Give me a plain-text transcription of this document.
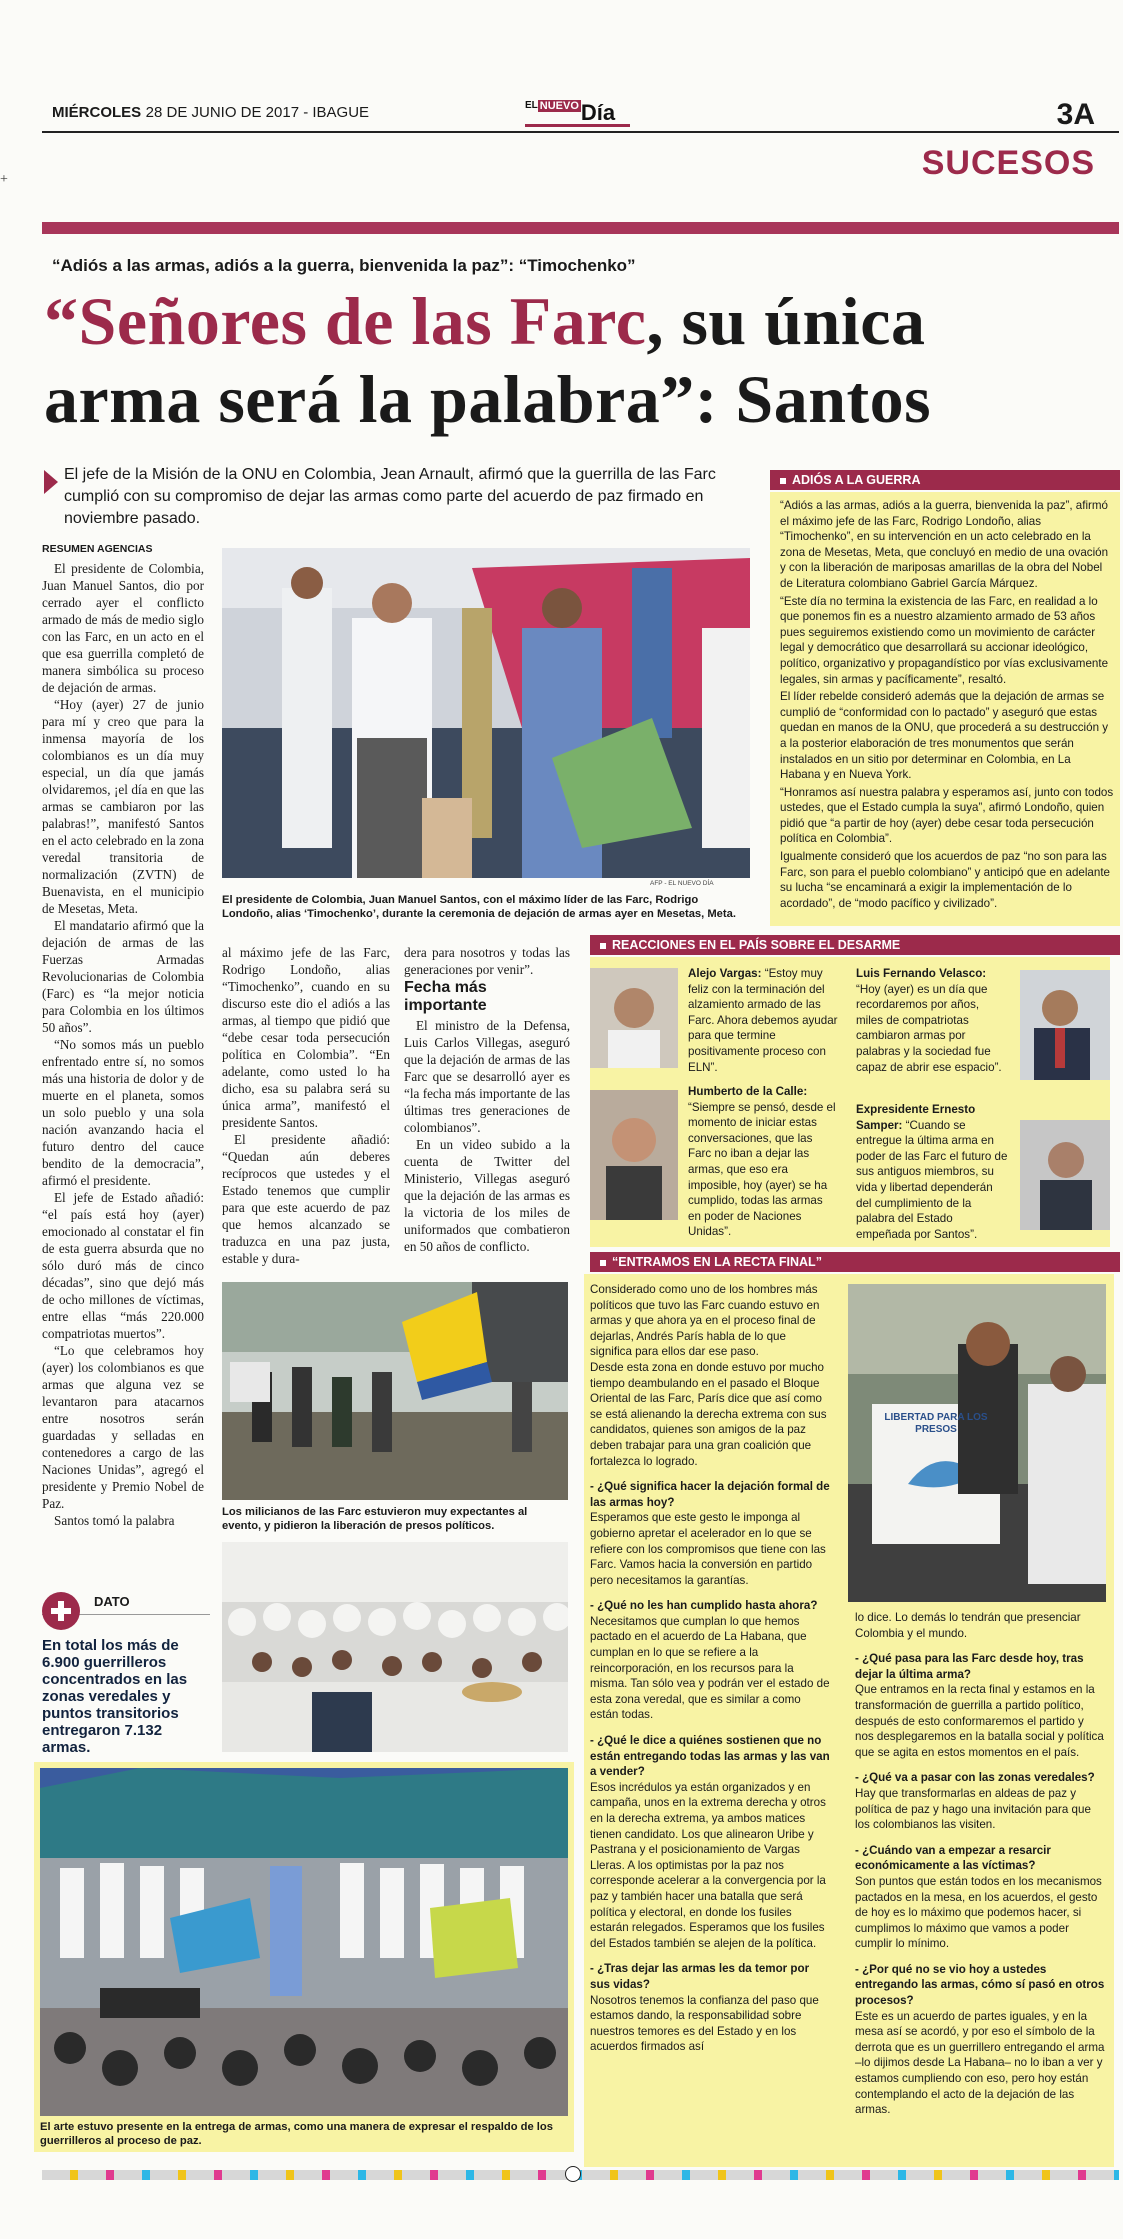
+
MIÉRCOLES 28 DE JUNIO DE 2017 - IBAGUE	$^{EL}$ $^{NUEVO}$Día	3A
SUCESOS
“Adiós a las armas, adiós a la guerra, bienvenida la paz”: “Timochenko”
“Señores de las Farc, su única
arma será la palabra”: Santos
El jefe de la Misión de la ONU en Colombia, Jean Arnault, afirmó que la guerrilla de las Farc cumplió con su compromiso de dejar las armas como parte del acuerdo de paz firmado en noviembre pasado.
RESUMEN AGENCIAS

El presidente de Colombia, Juan Manuel Santos, dio por cerrado ayer el conflicto armado de más de medio siglo con las Farc, en un acto en el que esa guerrilla completó de manera simbólica su proceso de dejación de armas.

“Hoy (ayer) 27 de junio para mí y creo que para la inmensa mayoría de los colombianos es un día muy especial, un día que jamás olvidaremos, ¡el día en que las armas se cambiaron por las palabras!”, manifestó Santos en el acto celebrado en la zona veredal transitoria de normalización (ZVTN) de Buenavista, en el municipio de Mesetas, Meta.

El mandatario afirmó que la dejación de armas de las Fuerzas Armadas Revolucionarias de Colombia (Farc) es “la mejor noticia para Colombia en los últimos 50 años”.

“No somos más un pueblo enfrentado entre sí, no somos más una historia de dolor y de muerte en el planeta, somos un solo pueblo y una sola nación avanzando hacia el futuro dentro del cauce bendito de la democracia”, afirmó el presidente.

El jefe de Estado añadió: “el país está hoy (ayer) emocionado al constatar el fin de esta guerra absurda que no sólo duró más de cinco décadas”, sino que dejó más de ocho millones de víctimas, entre ellas “más 220.000 compatriotas muertos”.

“Lo que celebramos hoy (ayer) los colombianos es que armas que alguna vez se levantaron para atacarnos entre nosotros serán guardadas y selladas en contenedores a cargo de las Naciones Unidas”, agregó el presidente y Premio Nobel de Paz.

Santos tomó la palabra

AFP - EL NUEVO DÍA
El presidente de Colombia, Juan Manuel Santos, con el máximo líder de las Farc, Rodrigo Londoño, alias ‘Timochenko’, durante la ceremonia de dejación de armas ayer en Mesetas, Meta.

al máximo jefe de las Farc, Rodrigo Londoño, alias “Timochenko”, cuando en su discurso este dio el adiós a las armas, al tiempo que pidió que “debe cesar toda persecución política en Colombia”. “En adelante, como usted lo ha dicho, esa su palabra será su única arma”, manifestó el presidente Santos.

El presidente añadió: “Quedan aún deberes recíprocos que ustedes y el Estado tenemos que cumplir para que este acuerdo de paz que hemos alcanzado se traduzca en una paz justa, estable y dura-

dera para nosotros y todas las generaciones por venir”.

Fecha más importante

El ministro de la Defensa, Luis Carlos Villegas, aseguró que la dejación de armas de las Farc que se desarrolló ayer es “la fecha más importante de las últimas tres generaciones de colombianos”.

En un video subido a la cuenta de Twitter del Ministerio, Villegas aseguró que la dejación de las armas es la victoria de los miles de uniformados que combatieron en 50 años de conflicto.

Los milicianos de las Farc estuvieron muy expectantes al evento, y pidieron la liberación de presos políticos.
DATO
En total los más de 6.900 guerrilleros concentrados en las zonas veredales y puntos transitorios entregaron 7.132 armas.
El arte estuvo presente en la entrega de armas, como una manera de expresar el respaldo de los guerrilleros al proceso de paz.
ADIÓS A LA GUERRA

“Adiós a las armas, adiós a la guerra, bienvenida la paz”, afirmó el máximo jefe de las Farc, Rodrigo Londoño, alias “Timochenko”, en su intervención en un acto celebrado en la zona de Mesetas, Meta, que concluyó en medio de una ovación y con la liberación de mariposas amarillas de la obra del Nobel de Literatura colombiano Gabriel García Márquez.

“Este día no termina la existencia de las Farc, en realidad a lo que ponemos fin es a nuestro alzamiento armado de 53 años pues seguiremos existiendo como un movimiento de carácter legal y democrático que desarrollará su accionar ideológico, político, organizativo y propagandístico por vías exclusivamente legales, sin armas y pacíficamente”, resaltó.

El líder rebelde consideró además que la dejación de armas se cumplió de “conformidad con lo pactado” y aseguró que estas quedan en manos de la ONU, que procederá a su destrucción y a la posterior elaboración de tres monumentos que serán instalados en un sitio por determinar en Colombia, en La Habana y en Nueva York.

“Honramos así nuestra palabra y esperamos así, junto con todos ustedes, que el Estado cumpla la suya”, afirmó Londoño, quien pidió que “a partir de hoy (ayer) debe cesar toda persecución política en Colombia”.

Igualmente consideró que los acuerdos de paz “no son para las Farc, son para el pueblo colombiano” y anticipó que en adelante su lucha “se encaminará a exigir la implementación de lo acordado”, de “modo pacífico y civilizado”.

REACCIONES EN EL PAÍS SOBRE EL DESARME
Alejo Vargas: “Estoy muy feliz con la terminación del alzamiento armado de las Farc. Ahora debemos ayudar para que termine positivamente proceso con ELN”.
Luis Fernando Velasco: “Hoy (ayer) es un día que recordaremos por años, miles de compatriotas cambiaron armas por palabras y la sociedad fue capaz de abrir ese espacio”.
Humberto de la Calle: “Siempre se pensó, desde el momento de iniciar estas conversaciones, que las Farc no iban a dejar las armas, que eso era imposible, hoy (ayer) se ha cumplido, todas las armas en poder de Naciones Unidas”.
Expresidente Ernesto Samper: “Cuando se entregue la última arma en poder de las Farc el futuro de sus antiguos miembros, su vida y libertad dependerán del cumplimiento de la palabra del Estado empeñada por Santos”.
“ENTRAMOS EN LA RECTA FINAL”

Considerado como uno de los hombres más políticos que tuvo las Farc cuando estuvo en armas y que ahora ya en el proceso final de dejarlas, Andrés París habla de lo que significa para ellos dar ese paso.

Desde esta zona en donde estuvo por mucho tiempo deambulando en el pasado el Bloque Oriental de las Farc, París dice que así como se está alienando la derecha extrema con sus candidatos, quienes son amigos de la paz deben trabajar para una gran coalición que fortalezca lo logrado.

- ¿Qué significa hacer la dejación formal de las armas hoy?

Esperamos que este gesto le imponga al gobierno apretar el acelerador en lo que se refiere con los compromisos que tiene con las Farc. Vamos hacia la conversión en partido pero necesitamos la garantías.

- ¿Qué no les han cumplido hasta ahora?

Necesitamos que cumplan lo que hemos pactado en el acuerdo de La Habana, que cumplan en lo que se refiere a la reincorporación, en los recursos para la misma. Tan sólo vea y podrán ver el estado de esta zona veredal, que es similar a como están todas.

- ¿Qué le dice a quiénes sostienen que no están entregando todas las armas y las van a vender?

Esos incrédulos ya están organizados y en campaña, unos en la extrema derecha y otros en la derecha extrema, ya ambos matices tienen candidato. Los que alinearon Uribe y Pastrana y el posicionamiento de Vargas Lleras. A los optimistas por la paz nos corresponde acelerar a la convergencia por la paz y también hacer una batalla que será política y electoral, en donde los fusiles estarán relegados. Esperamos que los fusiles del Estados también se alejen de la política.

- ¿Tras dejar las armas les da temor por sus vidas?

Nosotros tenemos la confianza del paso que estamos dando, la responsabilidad sobre nuestros temores es del Estado y en los acuerdos firmados así

LIBERTAD PARA LOS PRESOS

lo dice. Lo demás lo tendrán que presenciar Colombia y el mundo.

- ¿Qué pasa para las Farc desde hoy, tras dejar la última arma?

Que entramos en la recta final y estamos en la transformación de guerrilla a partido político, después de esto conformaremos el partido y nos desplegaremos en la batalla social y política que se agita en estos momentos en el país.

- ¿Qué va a pasar con las zonas veredales?

Hay que transformarlas en aldeas de paz y política de paz y hago una invitación para que los colombianos las visiten.

- ¿Cuándo van a empezar a resarcir económicamente a las víctimas?

Son puntos que están todos en los mecanismos pactados en la mesa, en los acuerdos, el gesto de hoy es lo máximo que podemos hacer, si cumplimos lo máximo que vamos a poder cumplir lo mínimo.

- ¿Por qué no se vio hoy a ustedes entregando las armas, cómo sí pasó en otros procesos?

Este es un acuerdo de partes iguales, y en la mesa así se acordó, y por eso el símbolo de la derrota que es un guerrillero entregando el arma –lo dijimos desde La Habana– no lo iban a ver y estamos cumpliendo con eso, pero hoy están contemplando el acto de la dejación de las armas.
